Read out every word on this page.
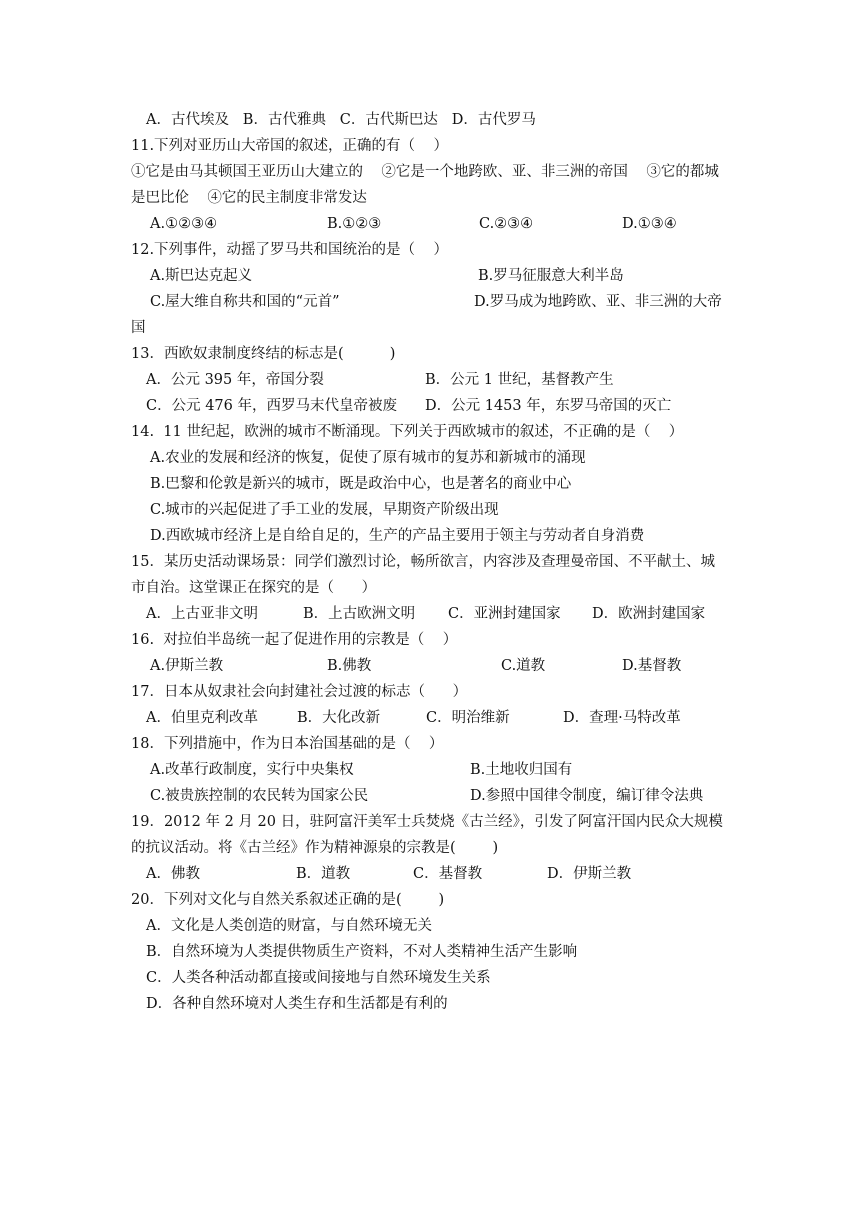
A．古代埃及   B．古代雅典   C．古代斯巴达   D．古代罗马
11.下列对亚历山大帝国的叙述，正确的有（    ）
①它是由马其顿国王亚历山大建立的    ②它是一个地跨欧、亚、非三洲的帝国    ③它的都城
是巴比伦    ④它的民主制度非常发达
A.①②③④	B.①②③	C.②③④	D.①③④
12.下列事件，动摇了罗马共和国统治的是（    ）
A.斯巴达克起义	B.罗马征服意大利半岛
C.屋大维自称共和国的“元首”	D.罗马成为地跨欧、亚、非三洲的大帝
国
13．西欧奴隶制度终结的标志是(          )
A．公元 395 年，帝国分裂	B．公元 1 世纪，基督教产生
C．公元 476 年，西罗马末代皇帝被废 D．公元 1453 年，东罗马帝国的灭亡
14.  11 世纪起，欧洲的城市不断涌现。下列关于西欧城市的叙述，不正确的是（    ）
A.农业的发展和经济的恢复，促使了原有城市的复苏和新城市的涌现
B.巴黎和伦敦是新兴的城市，既是政治中心，也是著名的商业中心
C.城市的兴起促进了手工业的发展，早期资产阶级出现
D.西欧城市经济上是自给自足的，生产的产品主要用于领主与劳动者自身消费
15．某历史活动课场景：同学们激烈讨论，畅所欲言，内容涉及查理曼帝国、不平献土、城
市自治。这堂课正在探究的是（      ）
A．上古亚非文明	B．上古欧洲文明 C．亚洲封建国家 D．欧洲封建国家
16.  对拉伯半岛统一起了促进作用的宗教是（    ）
A.伊斯兰教	B.佛教	C.道教	D.基督教
17．日本从奴隶社会向封建社会过渡的标志（      ）
A．伯里克利改革	B．大化改新	C．明治维新	D．查理·马特改革
18．下列措施中，作为日本治国基础的是（    ）
A.改革行政制度，实行中央集权	B.土地收归国有
C.被贵族控制的农民转为国家公民	D.参照中国律令制度，编订律令法典
19．2012 年 2 月 20 日，驻阿富汗美军士兵焚烧《古兰经》，引发了阿富汗国内民众大规模
的抗议活动。将《古兰经》作为精神源泉的宗教是(        )
A．佛教	B．道教	C．基督教	D．伊斯兰教
20．下列对文化与自然关系叙述正确的是(        )
A．文化是人类创造的财富，与自然环境无关
B．自然环境为人类提供物质生产资料，不对人类精神生活产生影响
C．人类各种活动都直接或间接地与自然环境发生关系
D．各种自然环境对人类生存和生活都是有利的
